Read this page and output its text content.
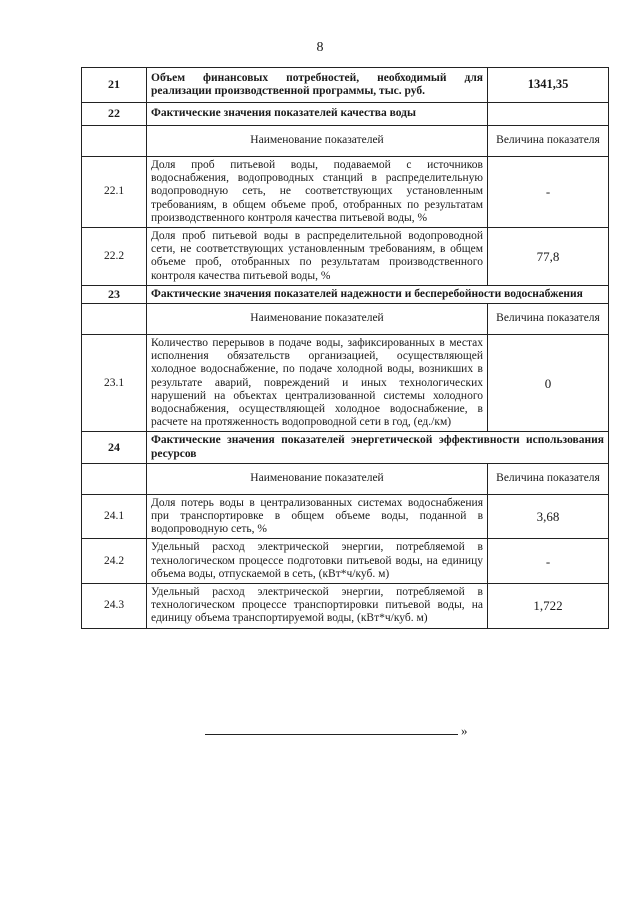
8
21	Объем финансовых потребностей, необходимый для реализации производственной программы, тыс. руб.	1341,35
22	Фактические значения показателей качества воды	
	Наименование показателей	Величина показателя
22.1	Доля проб питьевой воды, подаваемой с источников водоснабжения, водопроводных станций в распределительную водопроводную сеть, не соответствующих установленным требованиям, в общем объеме проб, отобранных по результатам производственного контроля качества питьевой воды, %	-
22.2	Доля проб питьевой воды в распределительной водопроводной сети, не соответствующих установленным требованиям, в общем объеме проб, отобранных по результатам производственного контроля качества питьевой воды, %	77,8
23	Фактические значения показателей надежности и бесперебойности водоснабжения	
	Наименование показателей	Величина показателя
23.1	Количество перерывов в подаче воды, зафиксированных в местах исполнения обязательств организацией, осуществляющей холодное водоснабжение, по подаче холодной воды, возникших в результате аварий, повреждений и иных технологических нарушений на объектах централизованной системы холодного водоснабжения, осуществляющей холодное водоснабжение, в расчете на протяженность водопроводной сети в год, (ед./км)	0
24	Фактические значения показателей энергетической эффективности использования ресурсов	
	Наименование показателей	Величина показателя
24.1	Доля потерь воды в централизованных системах водоснабжения при транспортировке в общем объеме воды, поданной в водопроводную сеть, %	3,68
24.2	Удельный расход электрической энергии, потребляемой в технологическом процессе подготовки питьевой воды, на единицу объема воды, отпускаемой в сеть, (кВт*ч/куб. м)	-
24.3	Удельный расход электрической энергии, потребляемой в технологическом процессе транспортировки питьевой воды, на единицу объема транспортируемой воды, (кВт*ч/куб. м)	1,722
»
